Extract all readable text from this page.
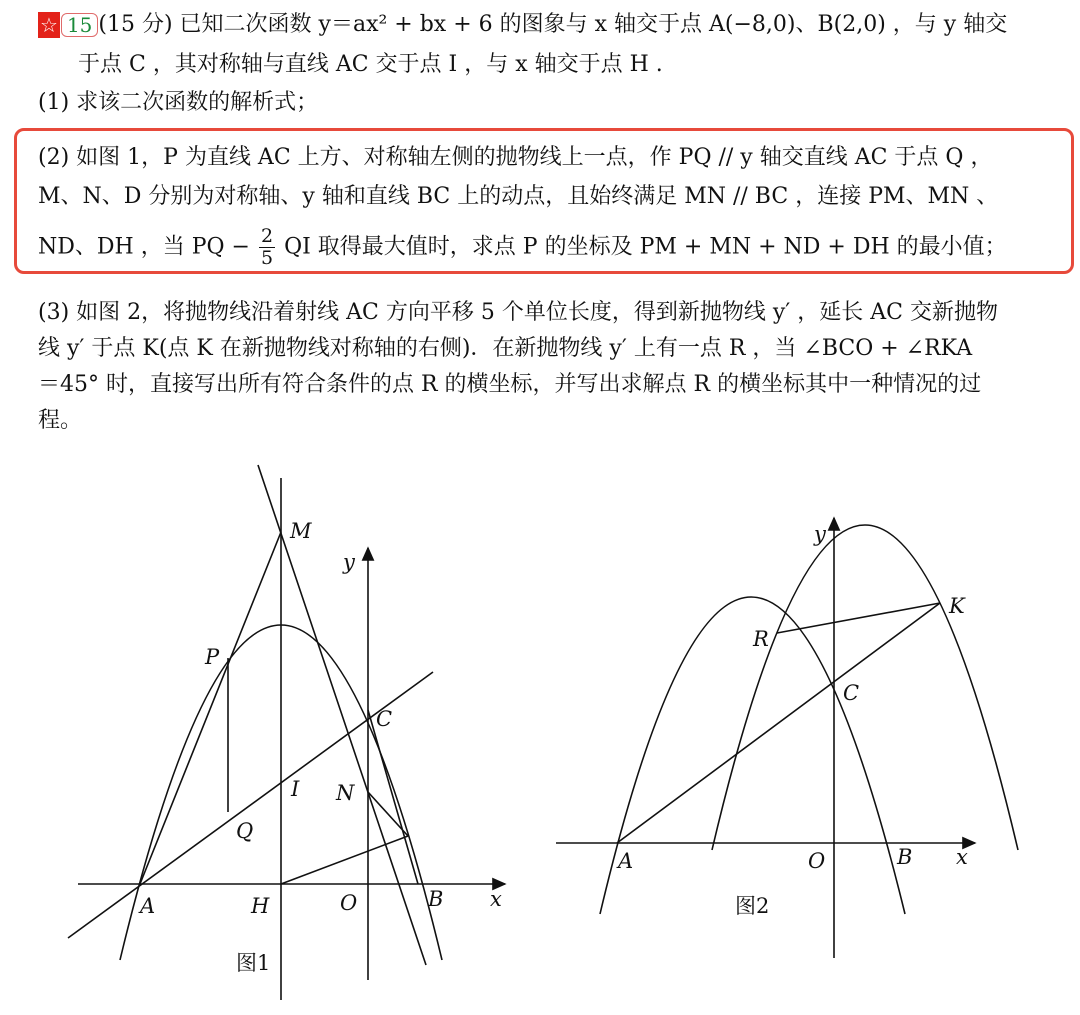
☆ 15 (15 分) 已知二次函数 y＝ax² + bx + 6 的图象与 x 轴交于点 A(−8,0)、B(2,0) ，与 y 轴交
于点 C ，其对称轴与直线 AC 交于点 I ，与 x 轴交于点 H .
(1) 求该二次函数的解析式；
(2) 如图 1，P 为直线 AC 上方、对称轴左侧的抛物线上一点，作 PQ // y 轴交直线 AC 于点 Q ，
M、N、D 分别为对称轴、y 轴和直线 BC 上的动点，且始终满足 MN // BC ，连接 PM、MN 、
ND、DH ，当 PQ − $\frac{2}{5}$ QI 取得最大值时，求点 P 的坐标及 PM + MN + ND + DH 的最小值；
(3) 如图 2，将抛物线沿着射线 AC 方向平移 5 个单位长度，得到新抛物线 y′ ，延长 AC 交新抛物
线 y′ 于点 K(点 K 在新抛物线对称轴的右侧)．在新抛物线 y′ 上有一点 R ，当 ∠BCO + ∠RKA
＝45° 时，直接写出所有符合条件的点 R 的横坐标，并写出求解点 R 的横坐标其中一种情况的过
程。
M
y
P
C
I N
Q
A	H	O	B x
图1
y
K
R
C
A	O	B x
图2
